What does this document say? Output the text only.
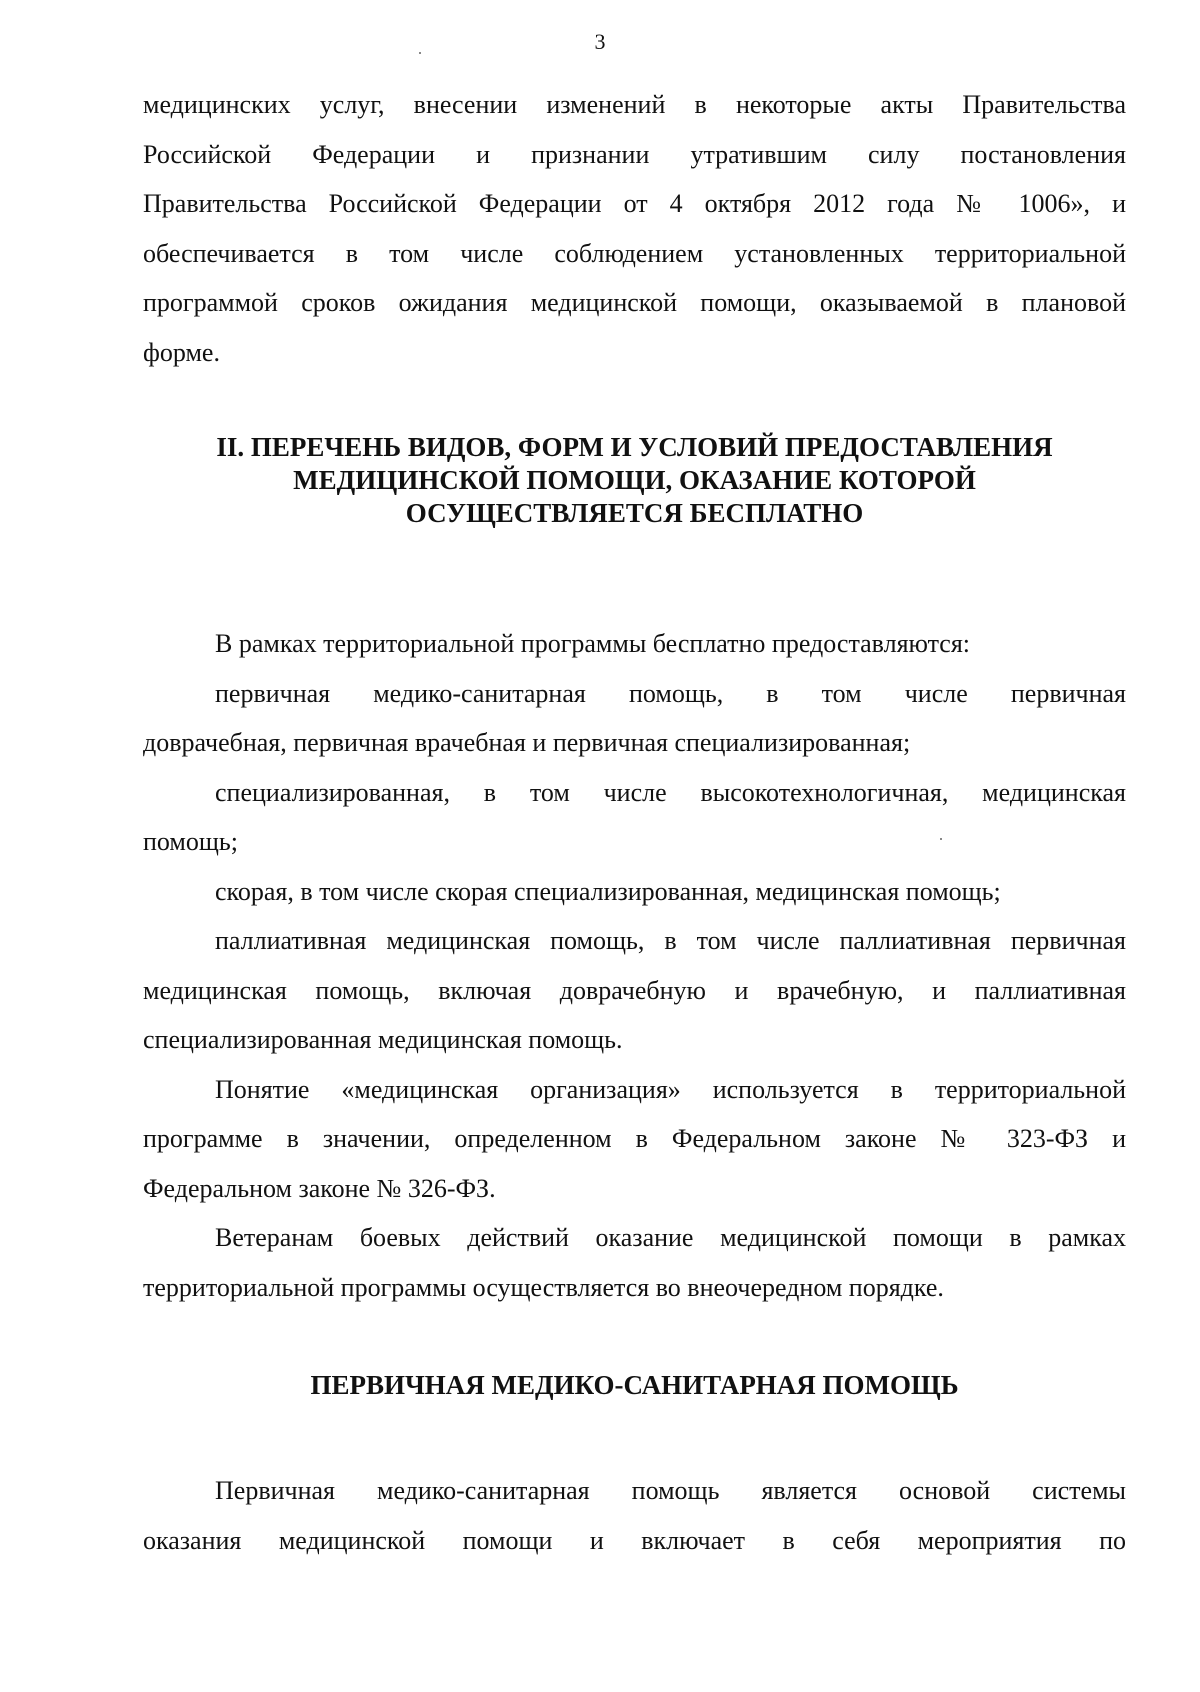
3
медицинских услуг, внесении изменений в некоторые акты Правительства
Российской Федерации и признании утратившим силу постановления
Правительства Российской Федерации от 4 октября 2012 года № 1006», и
обеспечивается в том числе соблюдением установленных территориальной
программой сроков ожидания медицинской помощи, оказываемой в плановой
форме.
II. ПЕРЕЧЕНЬ ВИДОВ, ФОРМ И УСЛОВИЙ ПРЕДОСТАВЛЕНИЯ
МЕДИЦИНСКОЙ ПОМОЩИ, ОКАЗАНИЕ КОТОРОЙ
ОСУЩЕСТВЛЯЕТСЯ БЕСПЛАТНО
В рамках территориальной программы бесплатно предоставляются:
первичная медико-санитарная помощь, в том числе первичная
доврачебная, первичная врачебная и первичная специализированная;
специализированная, в том числе высокотехнологичная, медицинская
помощь;
скорая, в том числе скорая специализированная, медицинская помощь;
паллиативная медицинская помощь, в том числе паллиативная первичная
медицинская помощь, включая доврачебную и врачебную, и паллиативная
специализированная медицинская помощь.
Понятие «медицинская организация» используется в территориальной
программе в значении, определенном в Федеральном законе № 323-ФЗ и
Федеральном законе № 326-ФЗ.
Ветеранам боевых действий оказание медицинской помощи в рамках
территориальной программы осуществляется во внеочередном порядке.
ПЕРВИЧНАЯ МЕДИКО-САНИТАРНАЯ ПОМОЩЬ
Первичная медико-санитарная помощь является основой системы
оказания медицинской помощи и включает в себя мероприятия по
